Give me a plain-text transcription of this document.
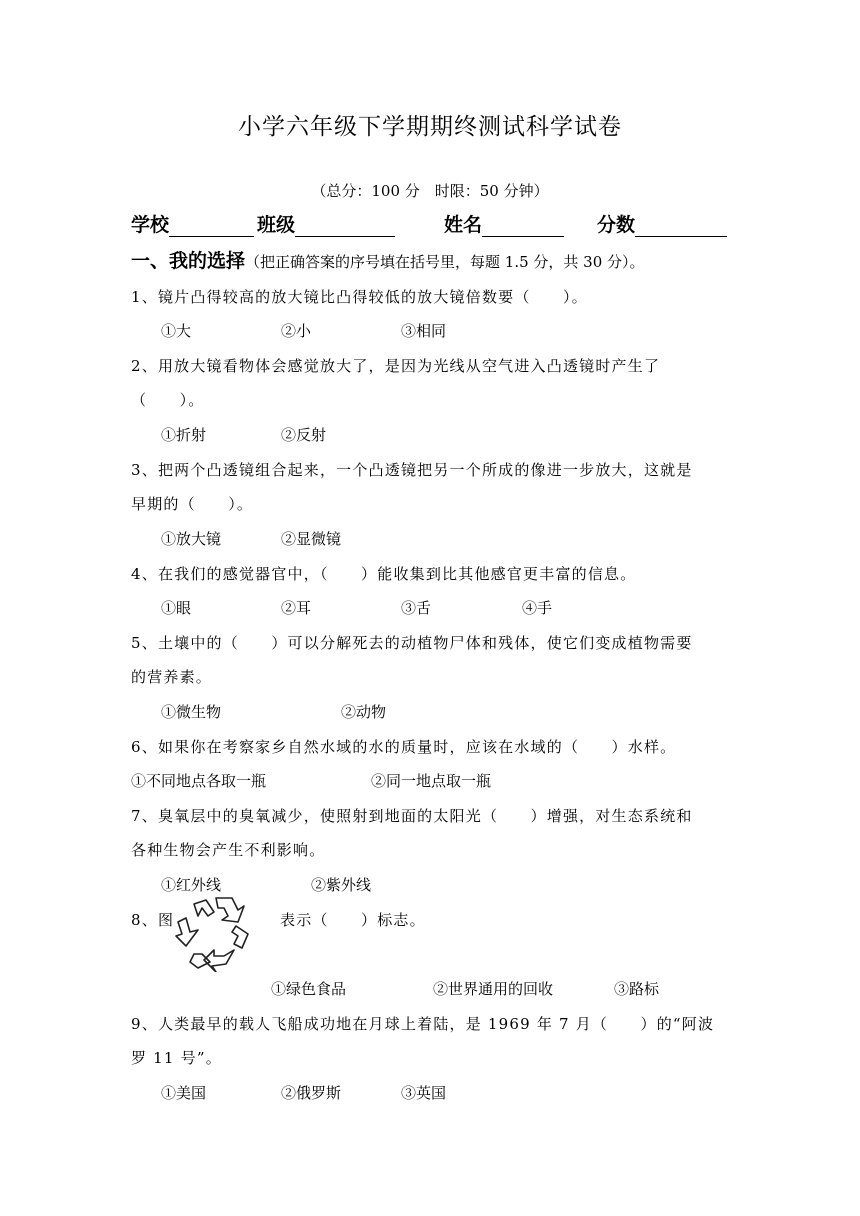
小学六年级下学期期终测试科学试卷
（总分：100 分　时限：50 分钟）
学校	班级	姓名	分数
一、我的选择（把正确答案的序号填在括号里，每题 1.5 分，共 30 分）。
1、镜片凸得较高的放大镜比凸得较低的放大镜倍数要（　　）。
①大	②小	③相同
2、用放大镜看物体会感觉放大了，是因为光线从空气进入凸透镜时产生了
（　　）。
①折射	②反射
3、把两个凸透镜组合起来，一个凸透镜把另一个所成的像进一步放大，这就是
早期的（　　）。
①放大镜	②显微镜
4、在我们的感觉器官中，（　　）能收集到比其他感官更丰富的信息。
①眼	②耳	③舌	④手
5、土壤中的（　　）可以分解死去的动植物尸体和残体，使它们变成植物需要
的营养素。
①微生物	②动物
6、如果你在考察家乡自然水域的水的质量时，应该在水域的（　　）水样。
①不同地点各取一瓶	②同一地点取一瓶
7、臭氧层中的臭氧减少，使照射到地面的太阳光（　　）增强，对生态系统和
各种生物会产生不利影响。
①红外线	②紫外线
8、图	表示（　　）标志。
①绿色食品	②世界通用的回收	③路标
9、人类最早的载人飞船成功地在月球上着陆，是 1969 年 7 月（　　）的“阿波
罗 11 号”。
①美国	②俄罗斯	③英国
